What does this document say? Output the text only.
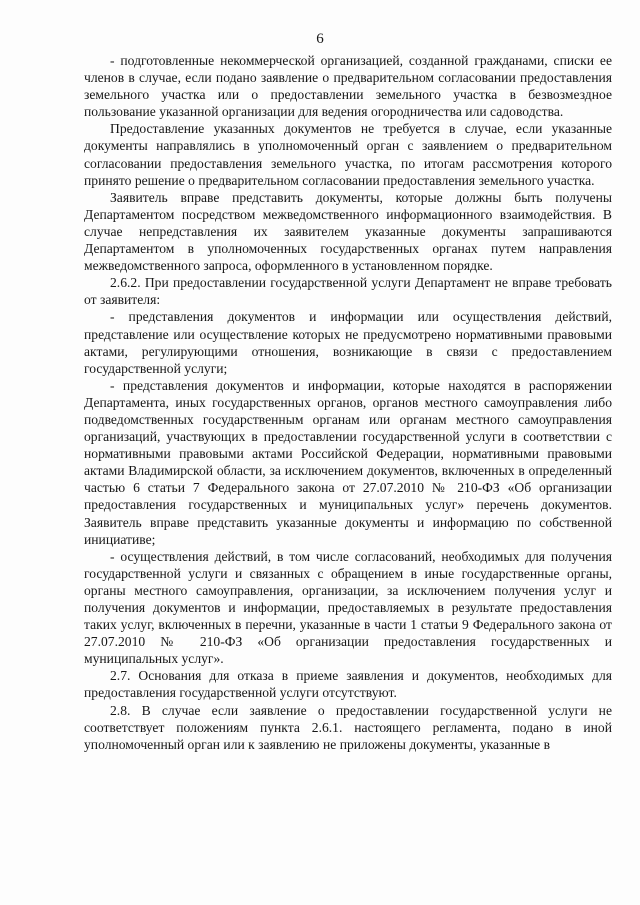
6

- подготовленные некоммерческой организацией, созданной гражданами, списки ее членов в случае, если подано заявление о предварительном согласовании предоставления земельного участка или о предоставлении земельного участка в безвозмездное пользование указанной организации для ведения огородничества или садоводства.

Предоставление указанных документов не требуется в случае, если указанные документы направлялись в уполномоченный орган с заявлением о предварительном согласовании предоставления земельного участка, по итогам рассмотрения которого принято решение о предварительном согласовании предоставления земельного участка.

Заявитель вправе представить документы, которые должны быть получены Департаментом посредством межведомственного информационного взаимодействия. В случае непредставления их заявителем указанные документы запрашиваются Департаментом в уполномоченных государственных органах путем направления межведомственного запроса, оформленного в установленном порядке.

2.6.2. При предоставлении государственной услуги Департамент не вправе требовать от заявителя:

- представления документов и информации или осуществления действий, представление или осуществление которых не предусмотрено нормативными правовыми актами, регулирующими отношения, возникающие в связи с предоставлением государственной услуги;

- представления документов и информации, которые находятся в распоряжении Департамента, иных государственных органов, органов местного самоуправления либо подведомственных государственным органам или органам местного самоуправления организаций, участвующих в предоставлении государственной услуги в соответствии с нормативными правовыми актами Российской Федерации, нормативными правовыми актами Владимирской области, за исключением документов, включенных в определенный частью 6 статьи 7 Федерального закона от 27.07.2010 № 210-ФЗ «Об организации предоставления государственных и муниципальных услуг» перечень документов. Заявитель вправе представить указанные документы и информацию по собственной инициативе;

- осуществления действий, в том числе согласований, необходимых для получения государственной услуги и связанных с обращением в иные государственные органы, органы местного самоуправления, организации, за исключением получения услуг и получения документов и информации, предоставляемых в результате предоставления таких услуг, включенных в перечни, указанные в части 1 статьи 9 Федерального закона от 27.07.2010 № 210-ФЗ «Об организации предоставления государственных и муниципальных услуг».

2.7. Основания для отказа в приеме заявления и документов, необходимых для предоставления государственной услуги отсутствуют.

2.8. В случае если заявление о предоставлении государственной услуги не соответствует положениям пункта 2.6.1. настоящего регламента, подано в иной уполномоченный орган или к заявлению не приложены документы, указанные в
